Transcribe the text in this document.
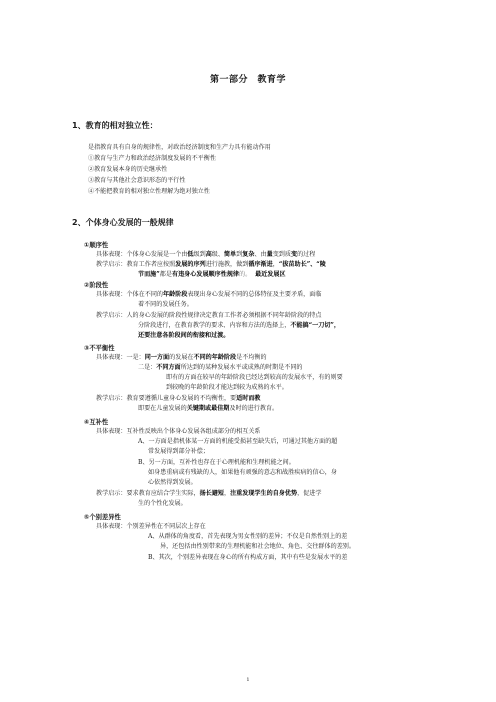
第一部分　教育学
1、教育的相对独立性：
是指教育具有自身的规律性，对政治经济制度和生产力具有能动作用
①教育与生产力和政治经济制度发展的不平衡性
②教育发展本身的历史继承性
③教育与其他社会意识形态的平行性
④不能把教育的相对独立性理解为绝对独立性
2、个体身心发展的一般规律
①顺序性
具体表现：个体身心发展是一个由低级到高级、简单到复杂、由量变到质变的过程
教学启示：教育工作者应按照发展的序列进行施教，做到循序渐进，“拔苗助长”、“陵
节而施”都是有违身心发展顺序性规律的。 最近发展区
②阶段性
具体表现：个体在不同的年龄阶段表现出身心发展不同的总体特征及主要矛盾，面临
着不同的发展任务。
教学启示：人的身心发展的阶段性规律决定教育工作者必须根据不同年龄阶段的特点
分阶段进行，在教育教学的要求、内容和方法的选择上，不能搞“一刀切”，
还要注意各阶段间的衔接和过渡。
③不平衡性
具体表现：一是：同一方面的发展在不同的年龄阶段是不均衡的
二是：不同方面所达到的某种发展水平或成熟的时期是不同的
即有的方面在较早的年龄阶段已经达到较高的发展水平，有的则要
到较晚的年龄阶段才能达到较为成熟的水平。
教学启示：教育要遵循儿童身心发展的不均衡性，要适时而教
即要在儿童发展的关键期或最佳期及时的进行教育。
④互补性
具体表现：互补性反映出个体身心发展各组成部分的相互关系
A、一方面是指机体某一方面的机能受损甚至缺失后，可通过其他方面的超
常发展得到部分补偿；
B、另一方面，互补性也存在于心理机能和生理机能之间。
如身患重病或有残缺的人，如果他有顽强的意志和战胜疾病的信心，身
心依然得到发展。
教学启示：要求教育应结合学生实际，扬长避短，注重发现学生的自身优势，促进学
生的个性化发展。
⑤个别差异性
具体表现：个别差异性在不同层次上存在
A、从群体的角度看，首先表现为男女性别的差异；不仅是自然性别上的差
异，还包括由性别带来的生理机能和社会地位、角色、交往群体的差别。
B、其次，个别差异表现在身心的所有构成方面，其中有些是发展水平的差
1
